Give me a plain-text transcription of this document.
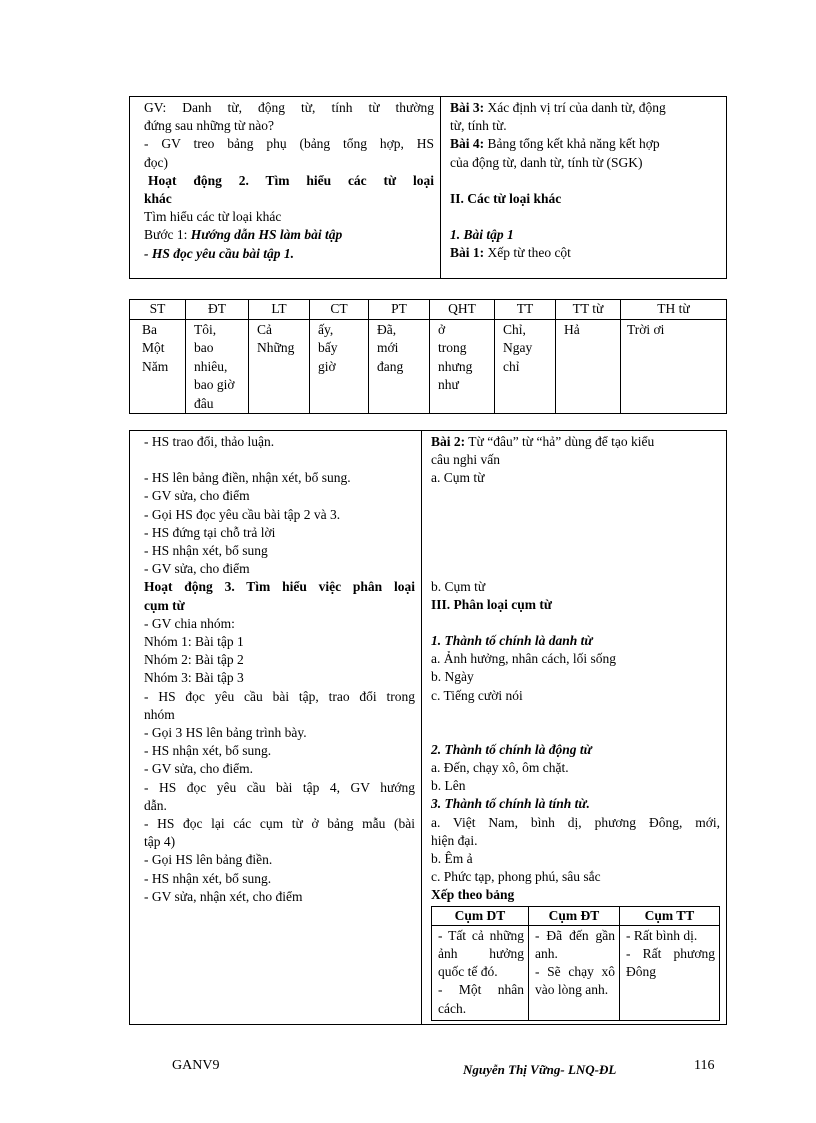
GV: Danh từ, động từ, tính từ thường
đứng sau những từ nào?
- GV treo bảng phụ (bảng tổng hợp, HS
đọc)
Hoạt động 2. Tìm hiểu các từ loại
khác
Tìm hiểu các từ loại khác
Bước 1: Hướng dẫn HS làm bài tập
- HS đọc yêu cầu bài tập 1.

Bài 3: Xác định vị trí của danh từ, động
từ, tính từ.
Bài 4: Bảng tổng kết khả năng kết hợp
của động từ, danh từ, tính từ (SGK)
II. Các từ loại khác
1. Bài tập 1
Bài 1: Xếp từ theo cột
ST	ĐT	LT	CT	PT	QHT	TT	TT từ	TH từ

Ba
Một
Năm	Tôi,
bao
nhiêu,
bao giờ
đâu	Cả
Những	ấy,
bấy
giờ	Đã,
mới
đang	ở
trong
nhưng
như	Chỉ,
Ngay
chỉ	Hả	Trời ơi
- HS trao đổi, thảo luận.
- HS lên bảng điền, nhận xét, bổ sung.
- GV sửa, cho điểm
- Gọi HS đọc yêu cầu bài tập 2 và 3.
- HS đứng tại chỗ trả lời
- HS nhận xét, bổ sung
- GV sửa, cho điểm
Hoạt động 3. Tìm hiểu việc phân loại
cụm từ
- GV chia nhóm:
Nhóm 1: Bài tập 1
Nhóm 2: Bài tập 2
Nhóm 3: Bài tập 3
- HS đọc yêu cầu bài tập, trao đổi trong
nhóm
- Gọi 3 HS lên bảng trình bày.
- HS nhận xét, bổ sung.
- GV sửa, cho điểm.
- HS đọc yêu cầu bài tập 4, GV hướng
dẫn.
- HS đọc lại các cụm từ ở bảng mẫu (bài
tập 4)
- Gọi HS lên bảng điền.
- HS nhận xét, bổ sung.
- GV sửa, nhận xét, cho điểm

Bài 2: Từ “đâu” từ “hả” dùng để tạo kiểu
câu nghi vấn
a. Cụm từ
b. Cụm từ
III. Phân loại cụm từ
1. Thành tố chính là danh từ
a. Ảnh hưởng, nhân cách, lối sống
b. Ngày
c. Tiếng cười nói
2. Thành tố chính là động từ
a. Đến, chạy xô, ôm chặt.
b. Lên
3. Thành tố chính là tính từ.
a. Việt Nam, bình dị, phương Đông, mới,
hiện đại.
b. Êm ả
c. Phức tạp, phong phú, sâu sắc
Xếp theo bảng
Cụm DT	Cụm ĐT	Cụm TT

- Tất cả những ảnh hưởng quốc tế đó.
- Một nhân cách.

- Đã đến gần anh.
- Sẽ chạy xô vào lòng anh.

- Rất bình dị.
- Rất phương Đông
GANV9	Nguyễn Thị Vững- LNQ-ĐL	116
